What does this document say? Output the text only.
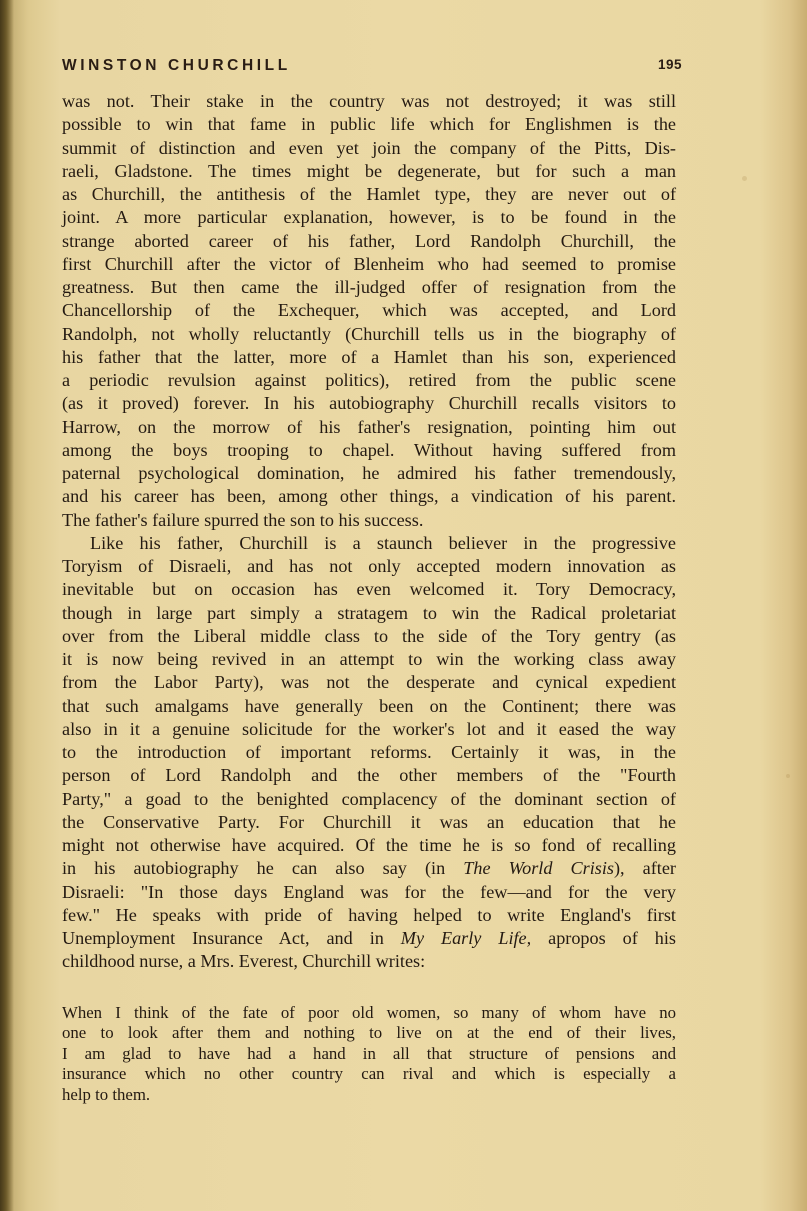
WINSTON CHURCHILL	195
was not. Their stake in the country was not destroyed; it was still
possible to win that fame in public life which for Englishmen is the
summit of distinction and even yet join the company of the Pitts, Dis-
raeli, Gladstone. The times might be degenerate, but for such a man
as Churchill, the antithesis of the Hamlet type, they are never out of
joint. A more particular explanation, however, is to be found in the
strange aborted career of his father, Lord Randolph Churchill, the
first Churchill after the victor of Blenheim who had seemed to promise
greatness. But then came the ill-judged offer of resignation from the
Chancellorship of the Exchequer, which was accepted, and Lord
Randolph, not wholly reluctantly (Churchill tells us in the biography of
his father that the latter, more of a Hamlet than his son, experienced
a periodic revulsion against politics), retired from the public scene
(as it proved) forever. In his autobiography Churchill recalls visitors to
Harrow, on the morrow of his father's resignation, pointing him out
among the boys trooping to chapel. Without having suffered from
paternal psychological domination, he admired his father tremendously,
and his career has been, among other things, a vindication of his parent.
The father's failure spurred the son to his success.
Like his father, Churchill is a staunch believer in the progressive
Toryism of Disraeli, and has not only accepted modern innovation as
inevitable but on occasion has even welcomed it. Tory Democracy,
though in large part simply a stratagem to win the Radical proletariat
over from the Liberal middle class to the side of the Tory gentry (as
it is now being revived in an attempt to win the working class away
from the Labor Party), was not the desperate and cynical expedient
that such amalgams have generally been on the Continent; there was
also in it a genuine solicitude for the worker's lot and it eased the way
to the introduction of important reforms. Certainly it was, in the
person of Lord Randolph and the other members of the "Fourth
Party," a goad to the benighted complacency of the dominant section of
the Conservative Party. For Churchill it was an education that he
might not otherwise have acquired. Of the time he is so fond of recalling
in his autobiography he can also say (in The World Crisis), after
Disraeli: "In those days England was for the few—and for the very
few." He speaks with pride of having helped to write England's first
Unemployment Insurance Act, and in My Early Life, apropos of his
childhood nurse, a Mrs. Everest, Churchill writes:
When I think of the fate of poor old women, so many of whom have no
one to look after them and nothing to live on at the end of their lives,
I am glad to have had a hand in all that structure of pensions and
insurance which no other country can rival and which is especially a
help to them.
